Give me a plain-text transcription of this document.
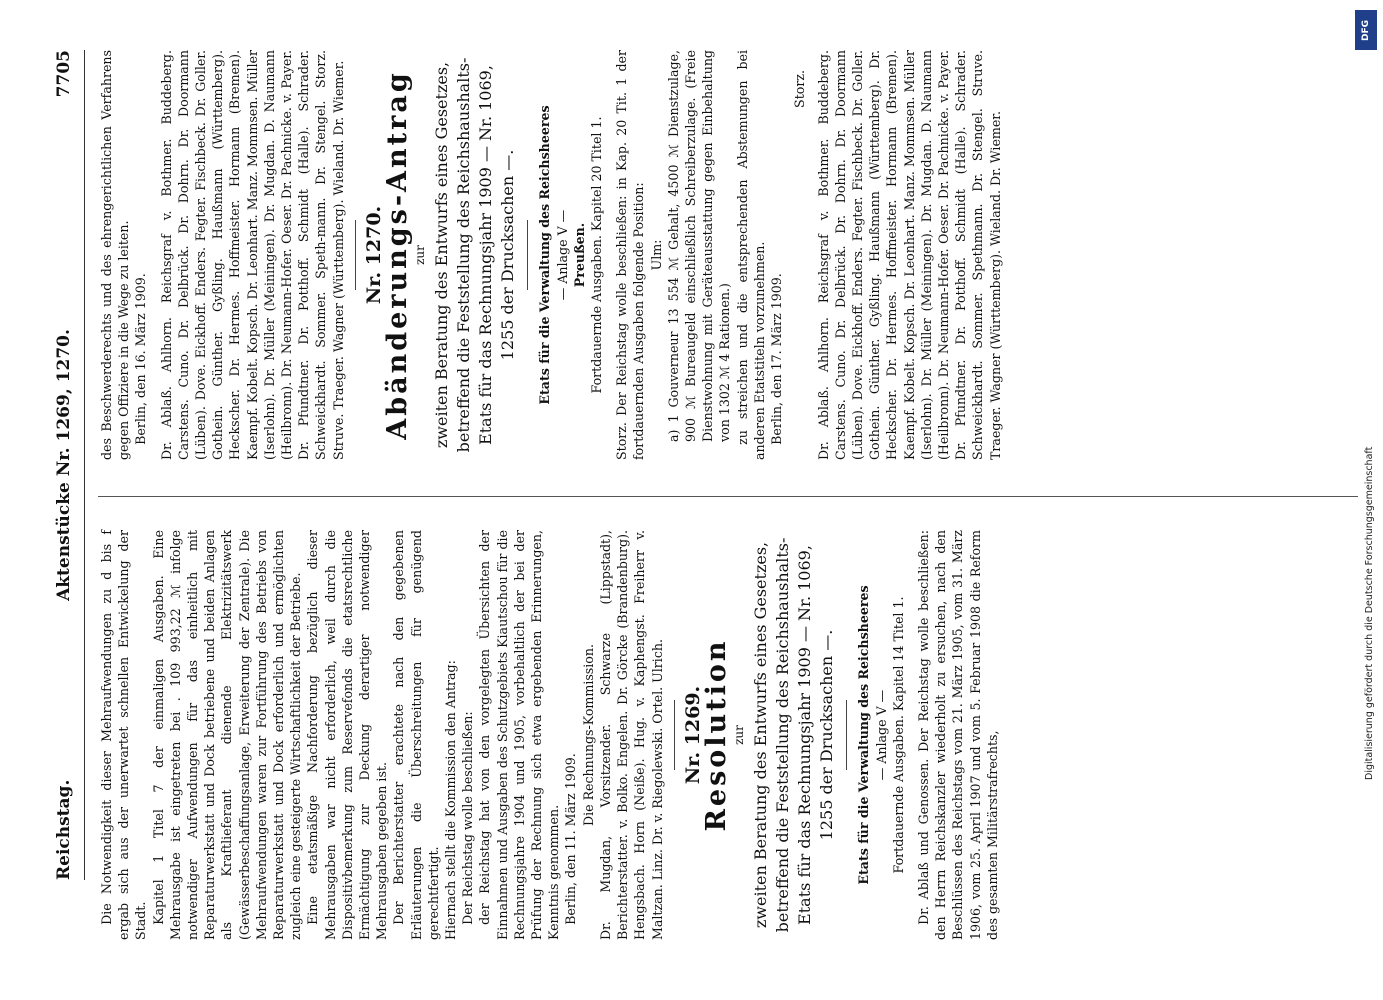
Reichstag.
Aktenstücke Nr. 1269, 1270.
7705

Die Notwendigkeit dieser Mehraufwendungen zu d bis f ergab sich aus der unerwartet schnellen Entwickelung der Stadt. Kapitel 1 Titel 7 der einmaligen Ausgaben. Eine Mehrausgabe ist eingetreten bei . 109 993,22 ℳ infolge notwendiger Aufwendungen für das einheitlich mit Reparaturwerkstatt und Dock betriebene und beiden Anlagen als Kraftlieferant dienende Elektrizitätswerk (Gewässerbeschaffungsanlage, Erweiterung der Zentrale). Die Mehraufwendungen waren zur Fortführung des Betriebs von Reparaturwerkstatt und Dock erforderlich und ermöglichten zugleich eine gesteigerte Wirtschaftlichkeit der Betriebe. Eine etatsmäßige Nachforderung bezüglich dieser Mehrausgaben war nicht erforderlich, weil durch die Dispositivbemerkung zum Reservefonds die etatsrechtliche Ermächtigung zur Deckung derartiger notwendiger Mehrausgaben gegeben ist. Der Berichterstatter erachtete nach den gegebenen Erläuterungen die Überschreitungen für genügend gerechtfertigt. Hiernach stellt die Kommission den Antrag: Der Reichstag wolle beschließen: der Reichstag hat von den vorgelegten Übersichten der Einnahmen und Ausgaben des Schutzgebiets Kiautschou für die Rechnungsjahre 1904 und 1905, vorbehaltlich der bei der Prüfung der Rechnung sich etwa ergebenden Erinnerungen, Kenntnis genommen. Berlin, den 11. März 1909.

Die Rechnungs-Kommission. Dr. Mugdan, Vorsitzender. Schwarze (Lippstadt), Berichterstatter. v. Bolko. Engelen. Dr. Görcke (Brandenburg). Hengsbach. Horn (Neiße). Hug. v. Kaphengst. Freiherr v. Maltzan. Linz. Dr. v. Riegolewski. Ortel. Ulrich. Nr. 1269.

Resolution zur zweiten Beratung des Entwurfs eines Gesetzes, betreffend die Feststellung des Reichshaushalts-Etats für das Rechnungsjahr 1909 — Nr. 1069, 1255 der Drucksachen —. Etats für die Verwaltung des Reichsheeres — Anlage V — Fortdauernde Ausgaben. Kapitel 14 Titel 1. Dr. Ablaß und Genossen. Der Reichstag wolle beschließen: den Herrn Reichskanzler wiederholt zu ersuchen, nach den Beschlüssen des Reichstags vom 21. März 1905, vom 31. März 1906, vom 25. April 1907 und vom 5. Februar 1908 die Reform des gesamten Militärstrafrechts,

des Beschwerderechts und des ehrengerichtlichen Verfahrens gegen Offiziere in die Wege zu leiten. Berlin, den 16. März 1909. Dr. Ablaß. Ahlhorn. Reichsgraf v. Bothmer. Buddeberg. Carstens. Cuno. Dr. Delbrück. Dr. Dohrn. Dr. Doormann (Lüben). Dove. Eickhoff. Enders. Fegter. Fischbeck. Dr. Goller. Gothein. Günther. Gyßling. Haußmann (Württemberg). Heckscher. Dr. Hermes. Hoffmeister. Hormann (Bremen). Kaempf. Kobelt. Kopsch. Dr. Leonhart. Manz. Mommsen. Müller (Iserlohn). Dr. Müller (Meiningen). Dr. Mugdan. D. Naumann (Heilbronn). Dr. Neumann-Hofer. Oeser. Dr. Pachnicke. v. Payer. Dr. Pfundtner. Dr. Potthoff. Schmidt (Halle). Schrader. Schweickhardt. Sommer. Speth-mann. Dr. Stengel. Storz. Struve. Traeger. Wagner (Württemberg). Wieland. Dr. Wiemer. Nr. 1270.

Abänderungs-Antrag zur zweiten Beratung des Entwurfs eines Gesetzes, betreffend die Feststellung des Reichshaushalts-Etats für das Rechnungsjahr 1909 — Nr. 1069, 1255 der Drucksachen —. Etats für die Verwaltung des Reichsheeres — Anlage V — Preußen. Fortdauernde Ausgaben. Kapitel 20 Titel 1. Storz. Der Reichstag wolle beschließen: in Kap. 20 Tit. 1 der fortdauernden Ausgaben folgende Position: Ulm: a) 1 Gouverneur 13 554 ℳ Gehalt, 4500 ℳ Dienstzulage, 900 ℳ Bureaugeld einschließlich Schreiberzulage. (Freie Dienstwohnung mit Geräteausstattung gegen Einbehaltung von 1302 ℳ 4 Rationen.) zu streichen und die entsprechenden Abstemungen bei anderen Etatstiteln vorzunehmen. Berlin, den 17. März 1909.

Storz. Dr. Ablaß. Ahlhorn. Reichsgraf v. Bothmer. Buddeberg. Carstens. Cuno. Dr. Delbrück. Dr. Dohrn. Dr. Doormann (Lüben). Dove. Eickhoff. Enders. Fegter. Fischbeck. Dr. Goller. Gothein. Günther. Gyßling. Haußmann (Württemberg). Dr. Heckscher. Dr. Hermes. Hoffmeister. Hormann (Bremen). Kaempf. Kobelt. Kopsch. Dr. Leonhart. Manz. Mommsen. Müller (Iserlohn). Dr. Müller (Meiningen). Dr. Mugdan. D. Naumann (Heilbronn). Dr. Neumann-Hofer. Oeser. Dr. Pachnicke. v. Payer. Dr. Pfundtner. Dr. Potthoff. Schmidt (Halle). Schrader. Schweickhardt. Sommer. Spethmann. Dr. Stengel. Struve. Traeger. Wagner (Württemberg). Wieland. Dr. Wiemer.

DFG
Digitalisierung gefördert durch die Deutsche Forschungsgemeinschaft
